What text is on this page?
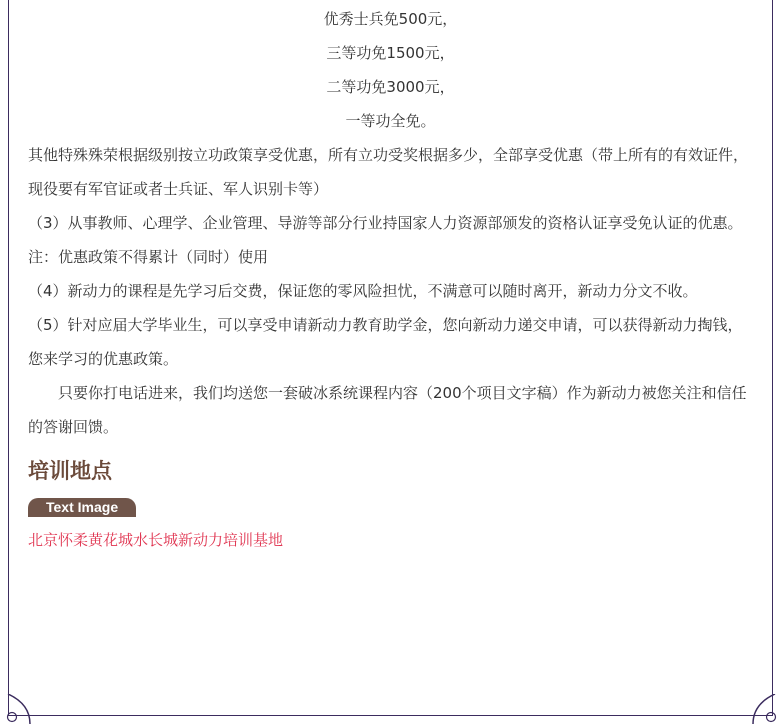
优秀士兵免500元，
三等功免1500元，
二等功免3000元，
一等功全免。

其他特殊殊荣根据级别按立功政策享受优惠，所有立功受奖根据多少，全部享受优惠（带上所有的有效证件，现役要有军官证或者士兵证、军人识别卡等）

（3）从事教师、心理学、企业管理、导游等部分行业持国家人力资源部颁发的资格认证享受免认证的优惠。

注：优惠政策不得累计（同时）使用

（4）新动力的课程是先学习后交费，保证您的零风险担忧，不满意可以随时离开，新动力分文不收。

（5）针对应届大学毕业生，可以享受申请新动力教育助学金，您向新动力递交申请，可以获得新动力掏钱，您来学习的优惠政策。

只要你打电话进来，我们均送您一套破冰系统课程内容（200个项目文字稿）作为新动力被您关注和信任的答谢回馈。

培训地点
Text Image
北京怀柔黄花城水长城新动力培训基地
